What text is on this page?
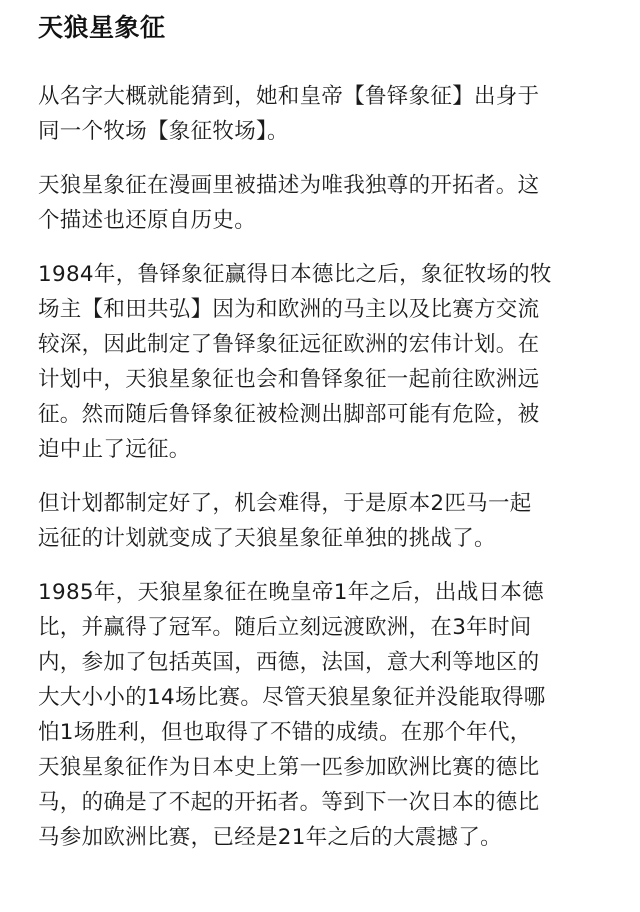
天狼星象征

从名字大概就能猜到，她和皇帝【鲁铎象征】出身于
同一个牧场【象征牧场】。

天狼星象征在漫画里被描述为唯我独尊的开拓者。这
个描述也还原自历史。

1984年，鲁铎象征赢得日本德比之后，象征牧场的牧
场主【和田共弘】因为和欧洲的马主以及比赛方交流
较深，因此制定了鲁铎象征远征欧洲的宏伟计划。在
计划中，天狼星象征也会和鲁铎象征一起前往欧洲远
征。然而随后鲁铎象征被检测出脚部可能有危险，被
迫中止了远征。

但计划都制定好了，机会难得，于是原本2匹马一起
远征的计划就变成了天狼星象征单独的挑战了。

1985年，天狼星象征在晚皇帝1年之后，出战日本德
比，并赢得了冠军。随后立刻远渡欧洲，在3年时间
内，参加了包括英国，西德，法国，意大利等地区的
大大小小的14场比赛。尽管天狼星象征并没能取得哪
怕1场胜利，但也取得了不错的成绩。在那个年代，
天狼星象征作为日本史上第一匹参加欧洲比赛的德比
马，的确是了不起的开拓者。等到下一次日本的德比
马参加欧洲比赛，已经是21年之后的大震撼了。
